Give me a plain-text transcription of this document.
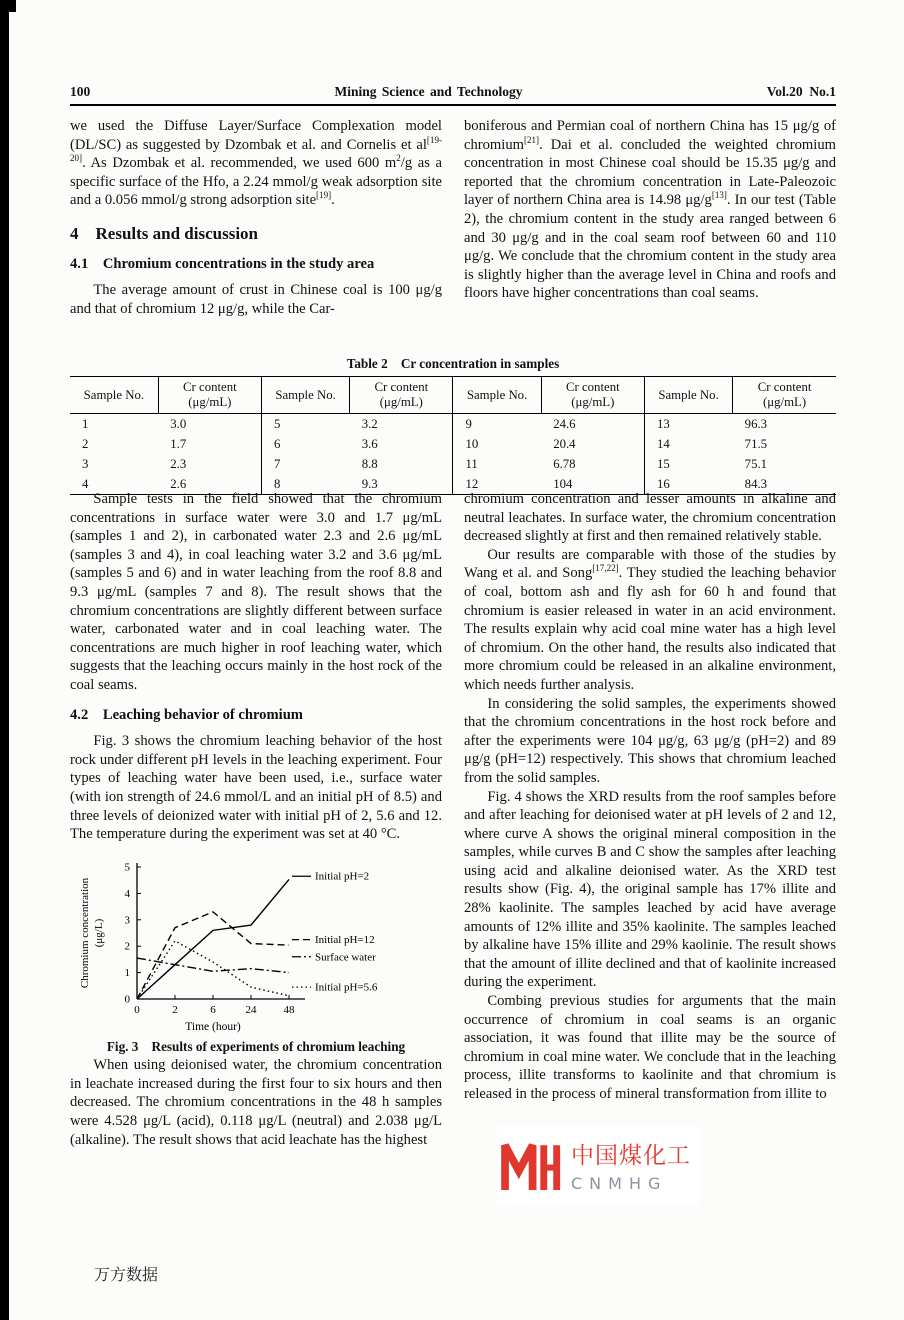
100	Mining Science and Technology	Vol.20 No.1

we used the Diffuse Layer/Surface Complexation model (DL/SC) as suggested by Dzombak et al. and Cornelis et al[19-20]. As Dzombak et al. recommended, we used 600 $m^2/g$ as a specific surface of the Hfo, a 2.24 mmol/g weak adsorption site and a 0.056 mmol/g strong adsorption site[19].

4 Results and discussion
4.1  Chromium concentrations in the study area

The average amount of crust in Chinese coal is 100 μg/g and that of chromium 12 μg/g, while the Car-

boniferous and Permian coal of northern China has 15 μg/g of chromium[21]. Dai et al. concluded the weighted chromium concentration in most Chinese coal should be 15.35 μg/g and reported that the chromium concentration in Late-Paleozoic layer of northern China area is 14.98 μg/g[13]. In our test (Table 2), the chromium content in the study area ranged between 6 and 30 μg/g and in the coal seam roof between 60 and 110 μg/g. We conclude that the chromium content in the study area is slightly higher than the average level in China and roofs and floors have higher concentrations than coal seams.

Table 2  Cr concentration in samples
Sample No.	Cr content (μg/mL)	Sample No.	Cr content (μg/mL)	Sample No.	Cr content (μg/mL)	Sample No.	Cr content (μg/mL)
1	3.0	5	3.2	9	24.6	13	96.3
2	1.7	6	3.6	10	20.4	14	71.5
3	2.3	7	8.8	11	6.78	15	75.1
4	2.6	8	9.3	12	104	16	84.3

Sample tests in the field showed that the chromium concentrations in surface water were 3.0 and 1.7 μg/mL (samples 1 and 2), in carbonated water 2.3 and 2.6 μg/mL (samples 3 and 4), in coal leaching water 3.2 and 3.6 μg/mL (samples 5 and 6) and in water leaching from the roof 8.8 and 9.3 μg/mL (samples 7 and 8). The result shows that the chromium concentrations are slightly different between surface water, carbonated water and in coal leaching water. The concentrations are much higher in roof leaching water, which suggests that the leaching occurs mainly in the host rock of the coal seams.

4.2  Leaching behavior of chromium

Fig. 3 shows the chromium leaching behavior of the host rock under different pH levels in the leaching experiment. Four types of leaching water have been used, i.e., surface water (with ion strength of 24.6 mmol/L and an initial pH of 8.5) and three levels of deionized water with initial pH of 2, 5.6 and 12. The temperature during the experiment was set at 40 °C.

0
1
2
3
4
5
0	2	6	24 48
Time (hour)
Chromium concentration (μg/L)
Initial pH=2
Initial pH=12
Surface water
Initial pH=5.6
Fig. 3  Results of experiments of chromium leaching

When using deionised water, the chromium concentration in leachate increased during the first four to six hours and then decreased. The chromium concentrations in the 48 h samples were 4.528 μg/L (acid), 0.118 μg/L (neutral) and 2.038 μg/L (alkaline). The result shows that acid leachate has the highest

chromium concentration and lesser amounts in alkaline and neutral leachates. In surface water, the chromium concentration decreased slightly at first and then remained relatively stable.

Our results are comparable with those of the studies by Wang et al. and Song[17,22]. They studied the leaching behavior of coal, bottom ash and fly ash for 60 h and found that chromium is easier released in water in an acid environment. The results explain why acid coal mine water has a high level of chromium. On the other hand, the results also indicated that more chromium could be released in an alkaline environment, which needs further analysis.

In considering the solid samples, the experiments showed that the chromium concentrations in the host rock before and after the experiments were 104 μg/g, 63 μg/g (pH=2) and 89 μg/g (pH=12) respectively. This shows that chromium leached from the solid samples.

Fig. 4 shows the XRD results from the roof samples before and after leaching for deionised water at pH levels of 2 and 12, where curve A shows the original mineral composition in the samples, while curves B and C show the samples after leaching using acid and alkaline deionised water. As the XRD test results show (Fig. 4), the original sample has 17% illite and 28% kaolinite. The samples leached by acid have average amounts of 12% illite and 35% kaolinite. The samples leached by alkaline have 15% illite and 29% kaolinie. The result shows that the amount of illite declined and that of kaolinite increased during the experiment.

Combing previous studies for arguments that the main occurrence of chromium in coal seams is an organic association, it was found that illite may be the source of chromium in coal mine water. We conclude that in the leaching process, illite transforms to kaolinite and that chromium is released in the process of mineral transformation from illite to

中国煤化工
CNMHG
万方数据
